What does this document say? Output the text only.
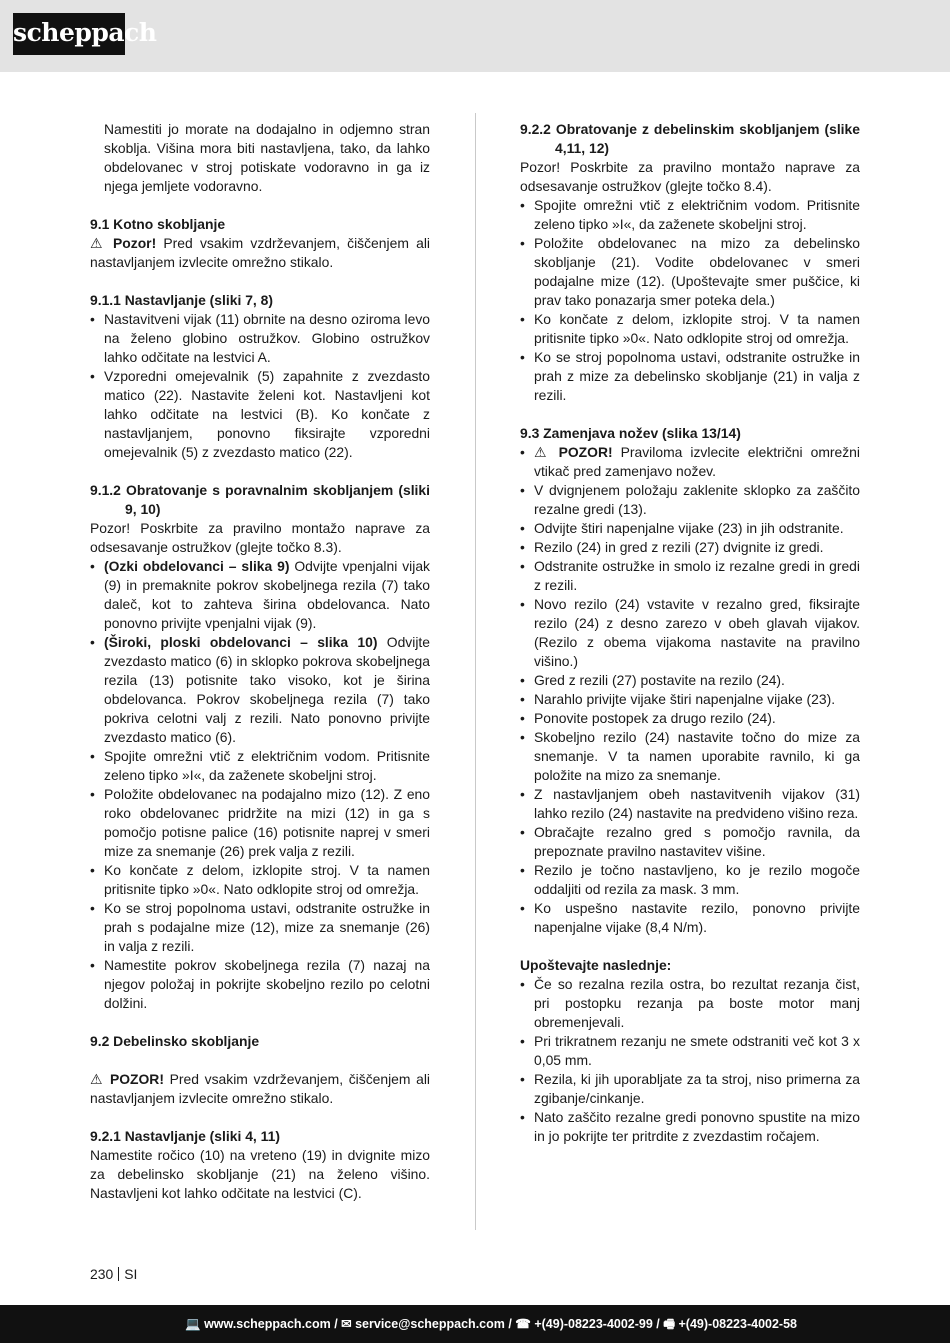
scheppach

Namestiti jo morate na dodajalno in odjemno stran skoblja. Višina mora biti nastavljena, tako, da lahko obdelovanec v stroj potiskate vodoravno in ga iz njega jemljete vodoravno.

9.1 Kotno skobljanje

⚠ Pozor! Pred vsakim vzdrževanjem, čiščenjem ali nastavljanjem izvlecite omrežno stikalo.

9.1.1 Nastavljanje (sliki 7, 8)

• Nastavitveni vijak (11) obrnite na desno oziroma levo na želeno globino ostružkov. Globino ostružkov lahko odčitate na lestvici A.
• Vzporedni omejevalnik (5) zapahnite z zvezdasto matico (22). Nastavite želeni kot. Nastavljeni kot lahko odčitate na lestvici (B). Ko končate z nastavljanjem, ponovno fiksirajte vzporedni omejevalnik (5) z zvezdasto matico (22).

9.1.2 Obratovanje s poravnalnim skobljanjem (sliki 9, 10)

Pozor! Poskrbite za pravilno montažo naprave za odsesavanje ostružkov (glejte točko 8.3).

• (Ozki obdelovanci – slika 9) Odvijte vpenjalni vijak (9) in premaknite pokrov skobeljnega rezila (7) tako daleč, kot to zahteva širina obdelovanca. Nato ponovno privijte vpenjalni vijak (9).
• (Široki, ploski obdelovanci – slika 10) Odvijte zvezdasto matico (6) in sklopko pokrova skobeljnega rezila (13) potisnite tako visoko, kot je širina obdelovanca. Pokrov skobeljnega rezila (7) tako pokriva celotni valj z rezili. Nato ponovno privijte zvezdasto matico (6).
• Spojite omrežni vtič z električnim vodom. Pritisnite zeleno tipko »I«, da zaženete skobeljni stroj.
• Položite obdelovanec na podajalno mizo (12). Z eno roko obdelovanec pridržite na mizi (12) in ga s pomočjo potisne palice (16) potisnite naprej v smeri mize za snemanje (26) prek valja z rezili.
• Ko končate z delom, izklopite stroj. V ta namen pritisnite tipko »0«. Nato odklopite stroj od omrežja.
• Ko se stroj popolnoma ustavi, odstranite ostružke in prah s podajalne mize (12), mize za snemanje (26) in valja z rezili.
• Namestite pokrov skobeljnega rezila (7) nazaj na njegov položaj in pokrijte skobeljno rezilo po celotni dolžini.

9.2 Debelinsko skobljanje

⚠ POZOR! Pred vsakim vzdrževanjem, čiščenjem ali nastavljanjem izvlecite omrežno stikalo.

9.2.1 Nastavljanje (sliki 4, 11)

Namestite ročico (10) na vreteno (19) in dvignite mizo za debelinsko skobljanje (21) na želeno višino. Nastavljeni kot lahko odčitate na lestvici (C).

9.2.2 Obratovanje z debelinskim skobljanjem (slike 4,11, 12)

Pozor! Poskrbite za pravilno montažo naprave za odsesavanje ostružkov (glejte točko 8.4).

• Spojite omrežni vtič z električnim vodom. Pritisnite zeleno tipko »I«, da zaženete skobeljni stroj.
• Položite obdelovanec na mizo za debelinsko skobljanje (21). Vodite obdelovanec v smeri podajalne mize (12). (Upoštevajte smer puščice, ki prav tako ponazarja smer poteka dela.)
• Ko končate z delom, izklopite stroj. V ta namen pritisnite tipko »0«. Nato odklopite stroj od omrežja.
• Ko se stroj popolnoma ustavi, odstranite ostružke in prah z mize za debelinsko skobljanje (21) in valja z rezili.

9.3 Zamenjava nožev (slika 13/14)

• ⚠ POZOR! Praviloma izvlecite električni omrežni vtikač pred zamenjavo nožev.
• V dvignjenem položaju zaklenite sklopko za zaščito rezalne gredi (13).
• Odvijte štiri napenjalne vijake (23) in jih odstranite.
• Rezilo (24) in gred z rezili (27) dvignite iz gredi.
• Odstranite ostružke in smolo iz rezalne gredi in gredi z rezili.
• Novo rezilo (24) vstavite v rezalno gred, fiksirajte rezilo (24) z desno zarezo v obeh glavah vijakov. (Rezilo z obema vijakoma nastavite na pravilno višino.)
• Gred z rezili (27) postavite na rezilo (24).
• Narahlo privijte vijake štiri napenjalne vijake (23).
• Ponovite postopek za drugo rezilo (24).
• Skobeljno rezilo (24) nastavite točno do mize za snemanje. V ta namen uporabite ravnilo, ki ga položite na mizo za snemanje.
• Z nastavljanjem obeh nastavitvenih vijakov (31) lahko rezilo (24) nastavite na predvideno višino reza.
• Obračajte rezalno gred s pomočjo ravnila, da prepoznate pravilno nastavitev višine.
• Rezilo je točno nastavljeno, ko je rezilo mogoče oddaljiti od rezila za mask. 3 mm.
• Ko uspešno nastavite rezilo, ponovno privijte napenjalne vijake (8,4 N/m).

Upoštevajte naslednje:

• Če so rezalna rezila ostra, bo rezultat rezanja čist, pri postopku rezanja pa boste motor manj obremenjevali.
• Pri trikratnem rezanju ne smete odstraniti več kot 3 x 0,05 mm.
• Rezila, ki jih uporabljate za ta stroj, niso primerna za zgibanje/cinkanje.
• Nato zaščito rezalne gredi ponovno spustite na mizo in jo pokrijte ter pritrdite z zvezdastim ročajem.
230 SI
💻 www.scheppach.com / ✉ service@scheppach.com / ☎ +(49)-08223-4002-99 / 🖷 +(49)-08223-4002-58
